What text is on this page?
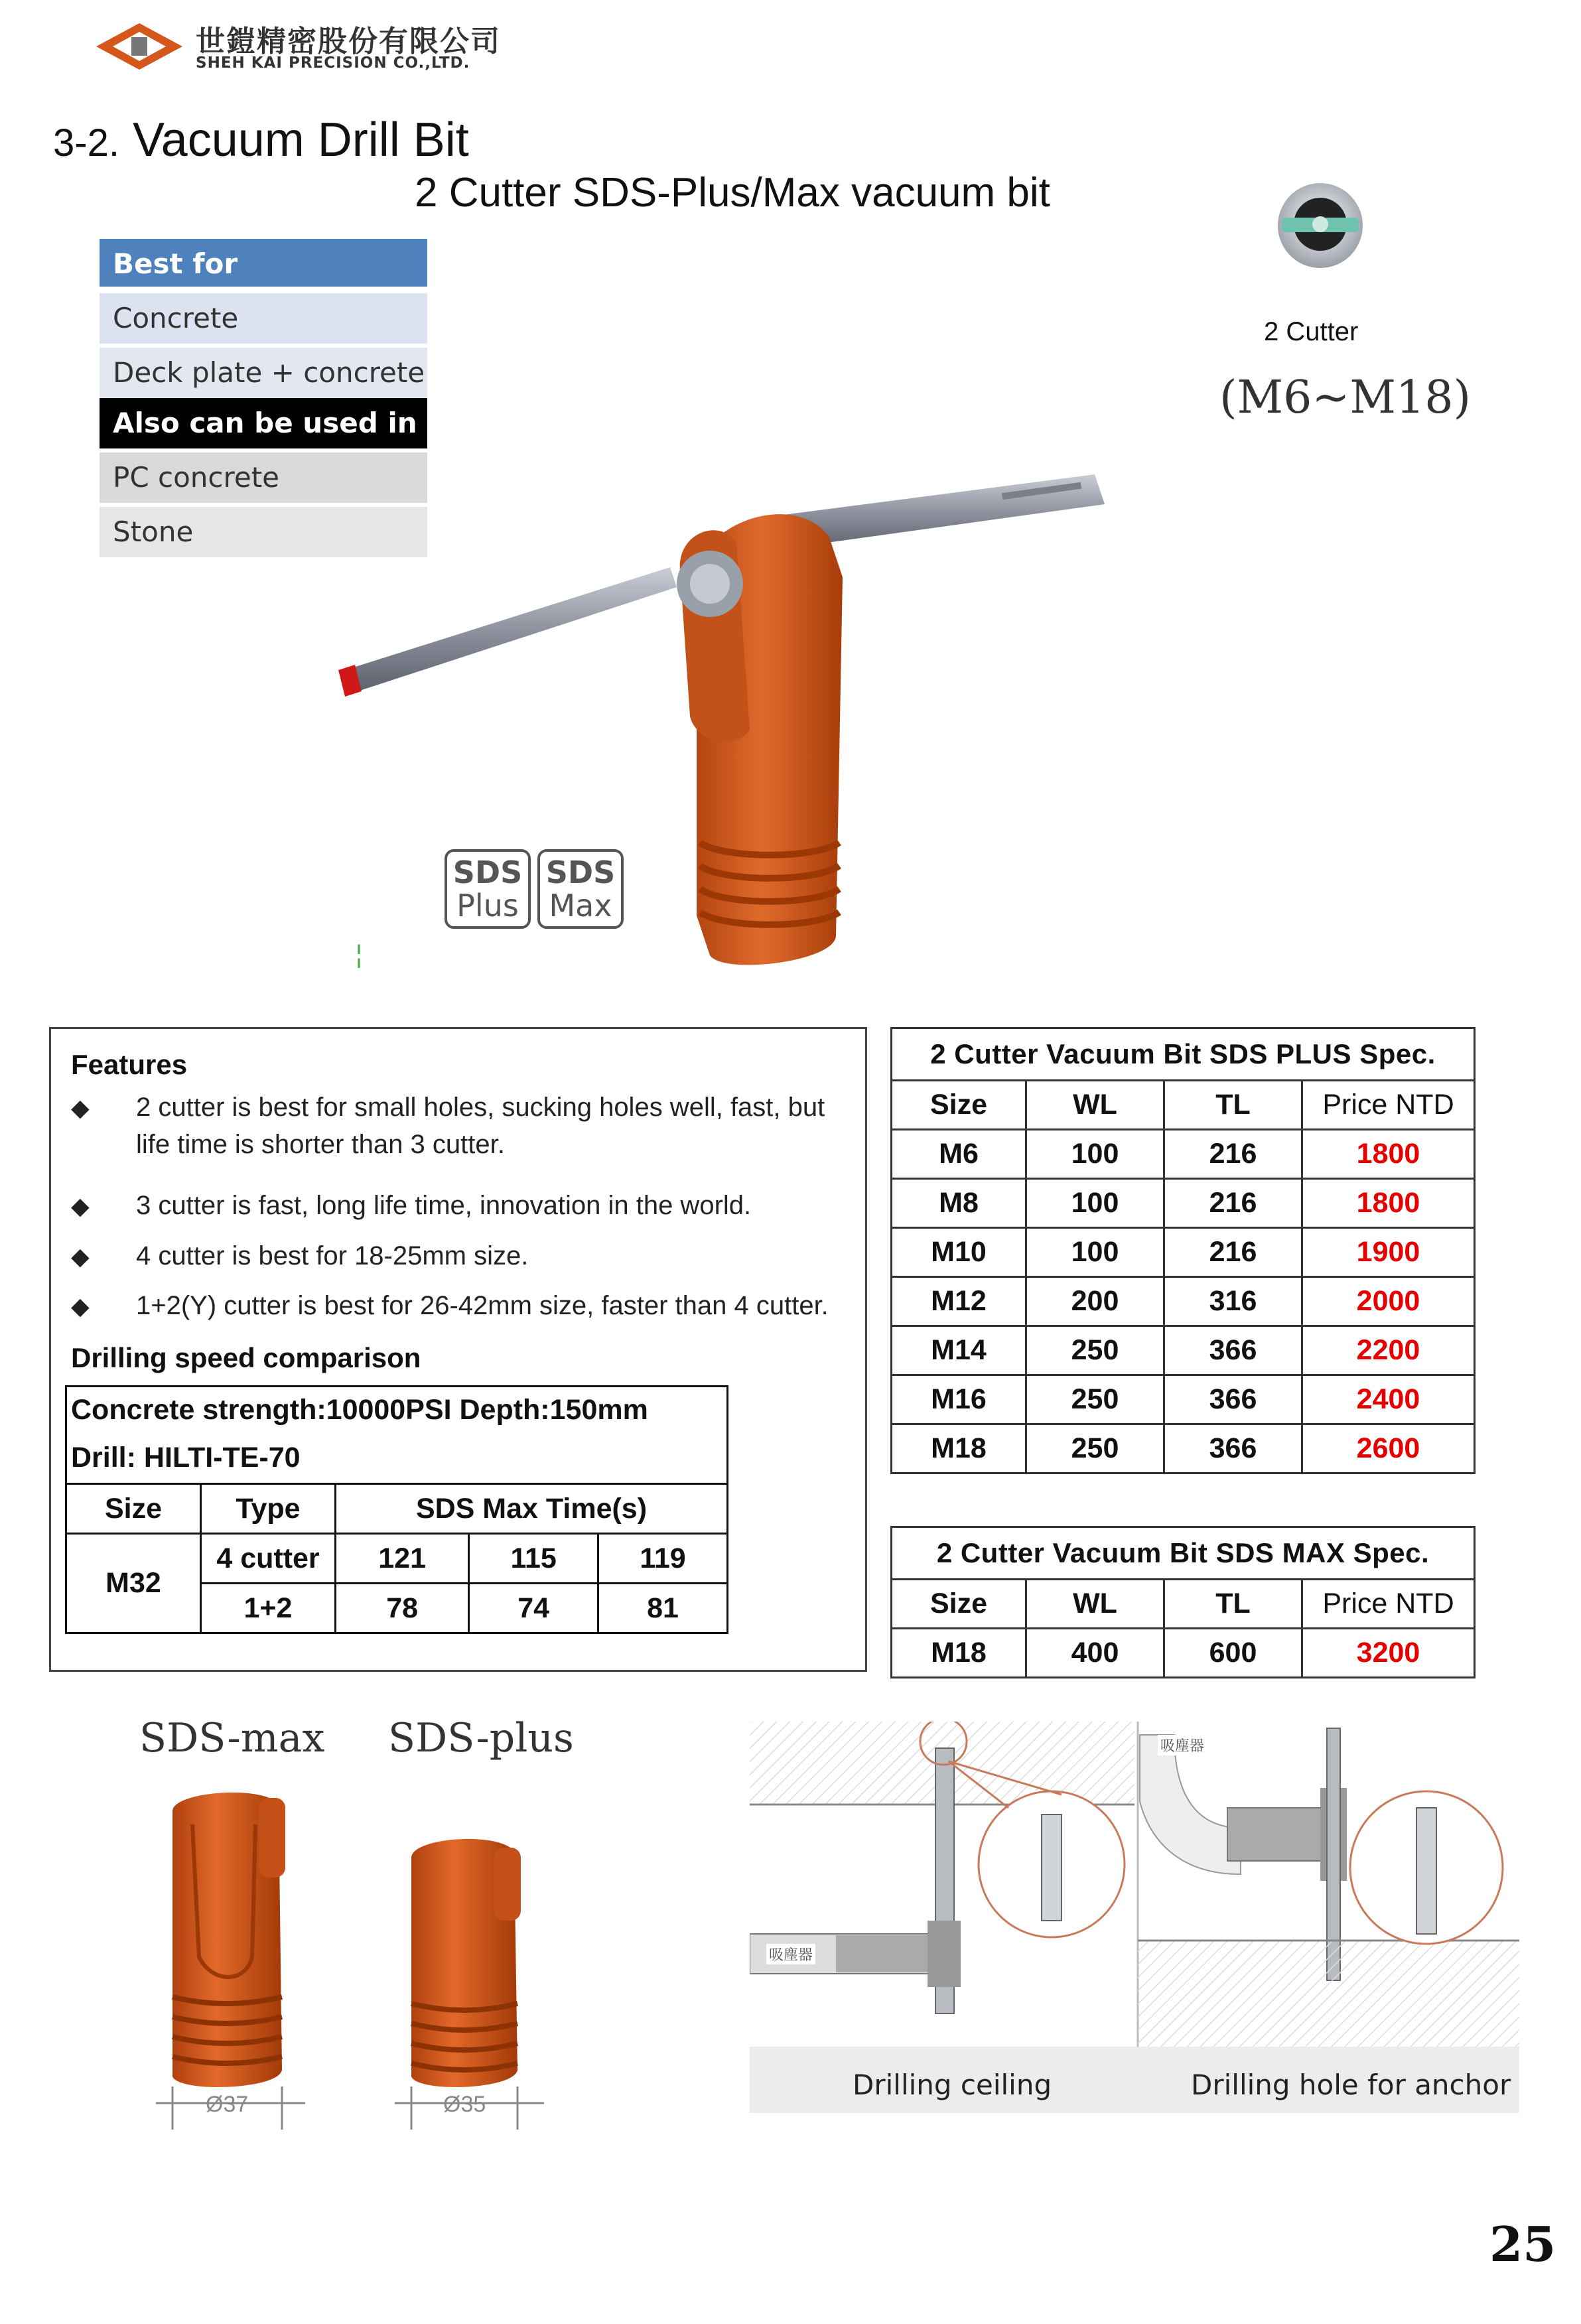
世鎧精密股份有限公司
SHEH KAI PRECISION CO.,LTD.
3-2. Vacuum Drill Bit
2 Cutter SDS-Plus/Max vacuum bit
Best for
Concrete
Deck plate + concrete
Also can be used in
PC concrete
Stone
2 Cutter
(M6~M18)
SDS
Plus
SDS
Max
¦
Features
◆ 2 cutter is best for small holes, sucking holes well, fast, but
life time is shorter than 3 cutter.
◆ 3 cutter is fast, long life time, innovation in the world.
◆ 4 cutter is best for 18-25mm size.
◆ 1+2(Y) cutter is best for 26-42mm size, faster than 4 cutter.
Drilling speed comparison
Concrete strength:10000PSI Depth:150mm				
Drill: HILTI-TE-70				
Size	Type	SDS Max Time(s)		
M32	4 cutter	121	115	119
	1+2	78	74	81
2 Cutter Vacuum Bit SDS PLUS Spec.			
Size	WL	TL	Price NTD
M6	100	216	1800
M8	100	216	1800
M10	100	216	1900
M12	200	316	2000
M14	250	366	2200
M16	250	366	2400
M18	250	366	2600
2 Cutter Vacuum Bit SDS MAX Spec.			
Size	WL	TL	Price NTD
M18	400	600	3200
SDS-max SDS-plus
Ø37	Ø35
吸塵器
吸塵器
Drilling ceiling	Drilling hole for anchor
25
